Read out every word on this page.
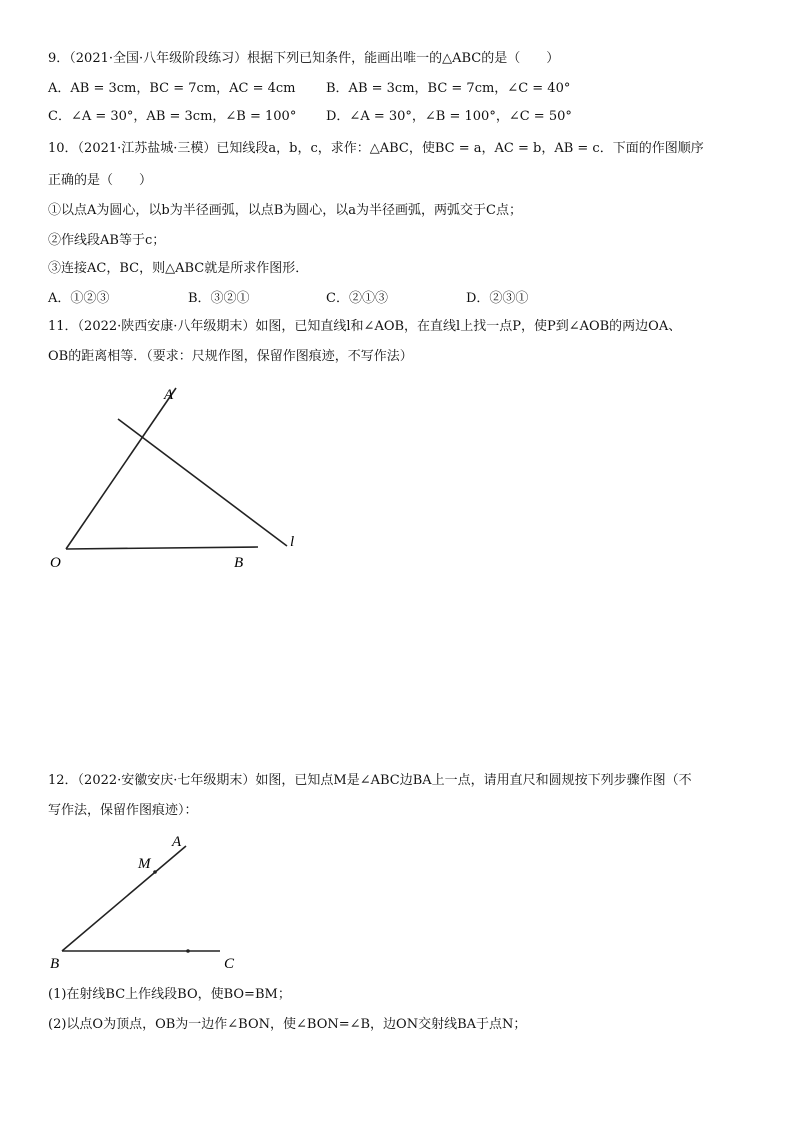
9．（2021·全国·八年级阶段练习）根据下列已知条件，能画出唯一的△ABC的是（　　）
A．AB = 3cm，BC = 7cm，AC = 4cm B．AB = 3cm，BC = 7cm，∠C = 40°
C．∠A = 30°，AB = 3cm，∠B = 100° D．∠A = 30°，∠B = 100°，∠C = 50°
10．（2021·江苏盐城·三模）已知线段a，b，c，求作：△ABC，使BC = a，AC = b，AB = c．下面的作图顺序
正确的是（　　）
①以点A为圆心，以b为半径画弧，以点B为圆心，以a为半径画弧，两弧交于C点；
②作线段AB等于c；
③连接AC，BC，则△ABC就是所求作图形．
A．①②③	B．③②①	C．②①③	D．②③①
11．（2022·陕西安康·八年级期末）如图，已知直线l和∠AOB，在直线l上找一点P，使P到∠AOB的两边OA、
OB的距离相等．（要求：尺规作图，保留作图痕迹，不写作法）
A
O	B
l
12．（2022·安徽安庆·七年级期末）如图，已知点M是∠ABC边BA上一点，请用直尺和圆规按下列步骤作图（不
写作法，保留作图痕迹）：
A
M
B	C
(1)在射线BC上作线段BO，使BO=BM；
(2)以点O为顶点，OB为一边作∠BON，使∠BON=∠B，边ON交射线BA于点N；
